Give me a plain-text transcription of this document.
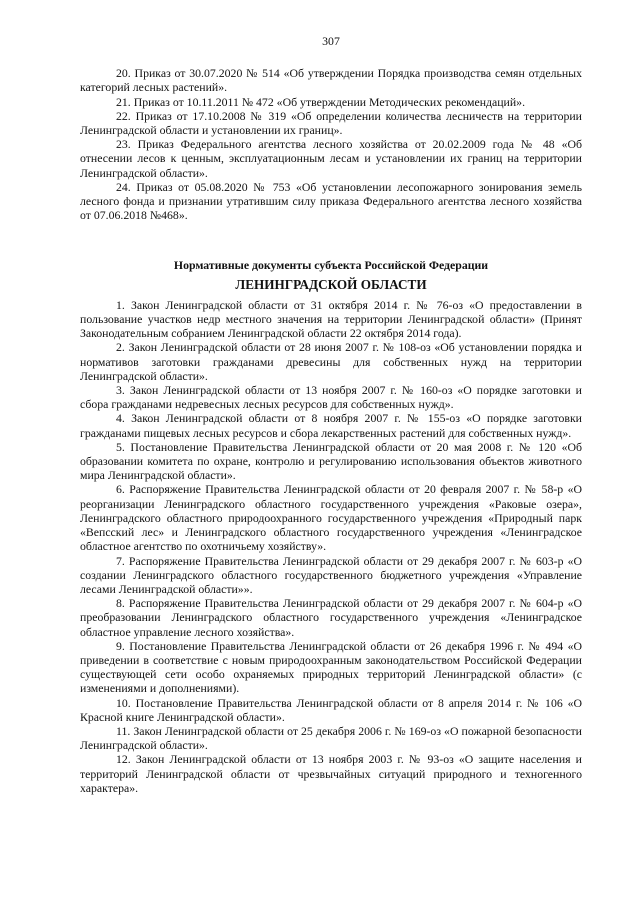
307

20. Приказ от 30.07.2020 № 514 «Об утверждении Порядка производства семян отдельных категорий лесных растений».

21. Приказ от 10.11.2011 № 472 «Об утверждении Методических рекомендаций».

22. Приказ от 17.10.2008 № 319 «Об определении количества лесничеств на территории Ленинградской области и установлении их границ».

23. Приказ Федерального агентства лесного хозяйства от 20.02.2009 года № 48 «Об отнесении лесов к ценным, эксплуатационным лесам и установлении их границ на территории Ленинградской области».

24. Приказ от 05.08.2020 № 753 «Об установлении лесопожарного зонирования земель лесного фонда и признании утратившим силу приказа Федерального агентства лесного хозяйства от 07.06.2018 №468».

Нормативные документы субъекта Российской Федерации
ЛЕНИНГРАДСКОЙ ОБЛАСТИ

1. Закон Ленинградской области от 31 октября 2014 г. № 76-оз «О предоставлении в пользование участков недр местного значения на территории Ленинградской области» (Принят Законодательным собранием Ленинградской области 22 октября 2014 года).

2. Закон Ленинградской области от 28 июня 2007 г. № 108-оз «Об установлении порядка и нормативов заготовки гражданами древесины для собственных нужд на территории Ленинградской области».

3. Закон Ленинградской области от 13 ноября 2007 г. № 160-оз «О порядке заготовки и сбора гражданами недревесных лесных ресурсов для собственных нужд».

4. Закон Ленинградской области от 8 ноября 2007 г. № 155-оз «О порядке заготовки гражданами пищевых лесных ресурсов и сбора лекарственных растений для собственных нужд».

5. Постановление Правительства Ленинградской области от 20 мая 2008 г. № 120 «Об образовании комитета по охране, контролю и регулированию использования объектов животного мира Ленинградской области».

6. Распоряжение Правительства Ленинградской области от 20 февраля 2007 г. № 58-р «О реорганизации Ленинградского областного государственного учреждения «Раковые озера», Ленинградского областного природоохранного государственного учреждения «Природный парк «Вепсский лес» и Ленинградского областного государственного учреждения «Ленинградское областное агентство по охотничьему хозяйству».

7. Распоряжение Правительства Ленинградской области от 29 декабря 2007 г. № 603-р «О создании Ленинградского областного государственного бюджетного учреждения «Управление лесами Ленинградской области»».

8. Распоряжение Правительства Ленинградской области от 29 декабря 2007 г. № 604-р «О преобразовании Ленинградского областного государственного учреждения «Ленинградское областное управление лесного хозяйства».

9. Постановление Правительства Ленинградской области от 26 декабря 1996 г. № 494 «О приведении в соответствие с новым природоохранным законодательством Российской Федерации существующей сети особо охраняемых природных территорий Ленинградской области» (с изменениями и дополнениями).

10. Постановление Правительства Ленинградской области от 8 апреля 2014 г. № 106 «О Красной книге Ленинградской области».

11. Закон Ленинградской области от 25 декабря 2006 г. № 169-оз «О пожарной безопасности Ленинградской области».

12. Закон Ленинградской области от 13 ноября 2003 г. № 93-оз «О защите населения и территорий Ленинградской области от чрезвычайных ситуаций природного и техногенного характера».
